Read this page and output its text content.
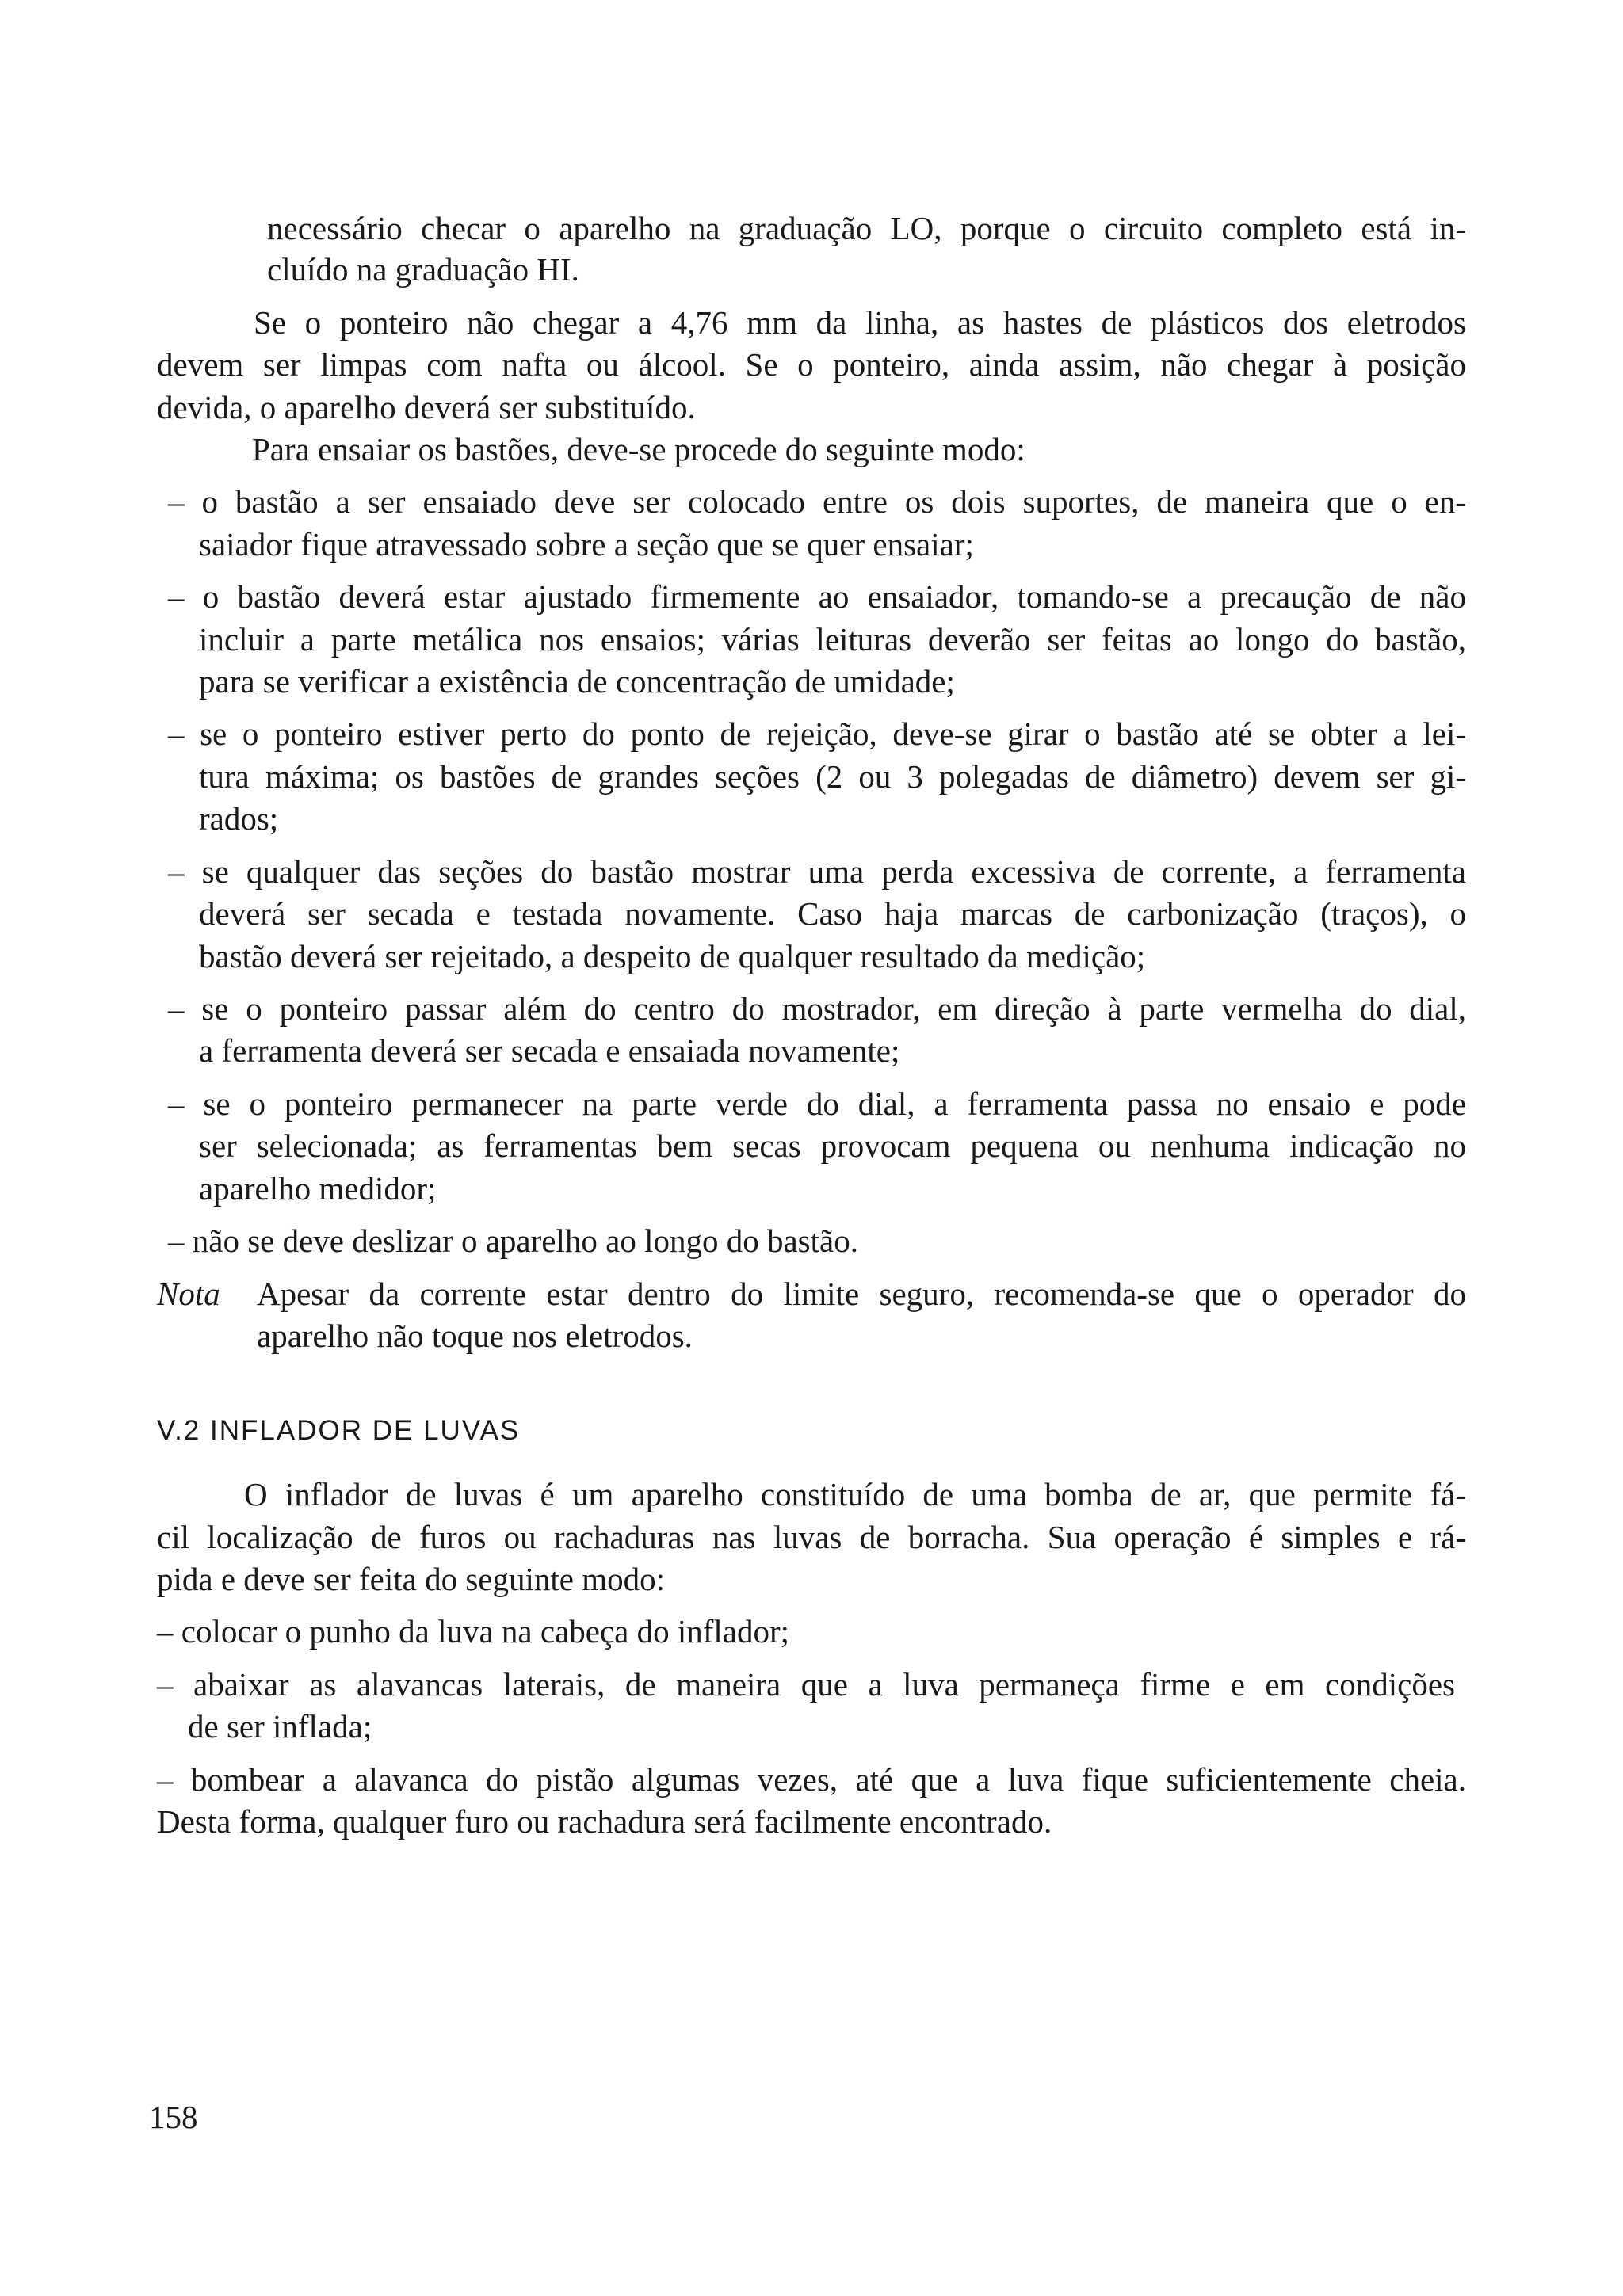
necessário checar o aparelho na graduação LO, porque o circuito completo está in-
cluído na graduação HI.
Se o ponteiro não chegar a 4,76 mm da linha, as hastes de plásticos dos eletrodos
devem ser limpas com nafta ou álcool. Se o ponteiro, ainda assim, não chegar à posição
devida, o aparelho deverá ser substituído.
Para ensaiar os bastões, deve-se procede do seguinte modo:
– o bastão a ser ensaiado deve ser colocado entre os dois suportes, de maneira que o en-
saiador fique atravessado sobre a seção que se quer ensaiar;
– o bastão deverá estar ajustado firmemente ao ensaiador, tomando-se a precaução de não
incluir a parte metálica nos ensaios; várias leituras deverão ser feitas ao longo do bastão,
para se verificar a existência de concentração de umidade;
– se o ponteiro estiver perto do ponto de rejeição, deve-se girar o bastão até se obter a lei-
tura máxima; os bastões de grandes seções (2 ou 3 polegadas de diâmetro) devem ser gi-
rados;
– se qualquer das seções do bastão mostrar uma perda excessiva de corrente, a ferramenta
deverá ser secada e testada novamente. Caso haja marcas de carbonização (traços), o
bastão deverá ser rejeitado, a despeito de qualquer resultado da medição;
– se o ponteiro passar além do centro do mostrador, em direção à parte vermelha do dial,
a ferramenta deverá ser secada e ensaiada novamente;
– se o ponteiro permanecer na parte verde do dial, a ferramenta passa no ensaio e pode
ser selecionada; as ferramentas bem secas provocam pequena ou nenhuma indicação no
aparelho medidor;
– não se deve deslizar o aparelho ao longo do bastão.
Nota Apesar da corrente estar dentro do limite seguro, recomenda-se que o operador do
aparelho não toque nos eletrodos.
V.2 INFLADOR DE LUVAS
O inflador de luvas é um aparelho constituído de uma bomba de ar, que permite fá-
cil localização de furos ou rachaduras nas luvas de borracha. Sua operação é simples e rá-
pida e deve ser feita do seguinte modo:
– colocar o punho da luva na cabeça do inflador;
– abaixar as alavancas laterais, de maneira que a luva permaneça firme e em condições
de ser inflada;
– bombear a alavanca do pistão algumas vezes, até que a luva fique suficientemente cheia.
Desta forma, qualquer furo ou rachadura será facilmente encontrado.
158
